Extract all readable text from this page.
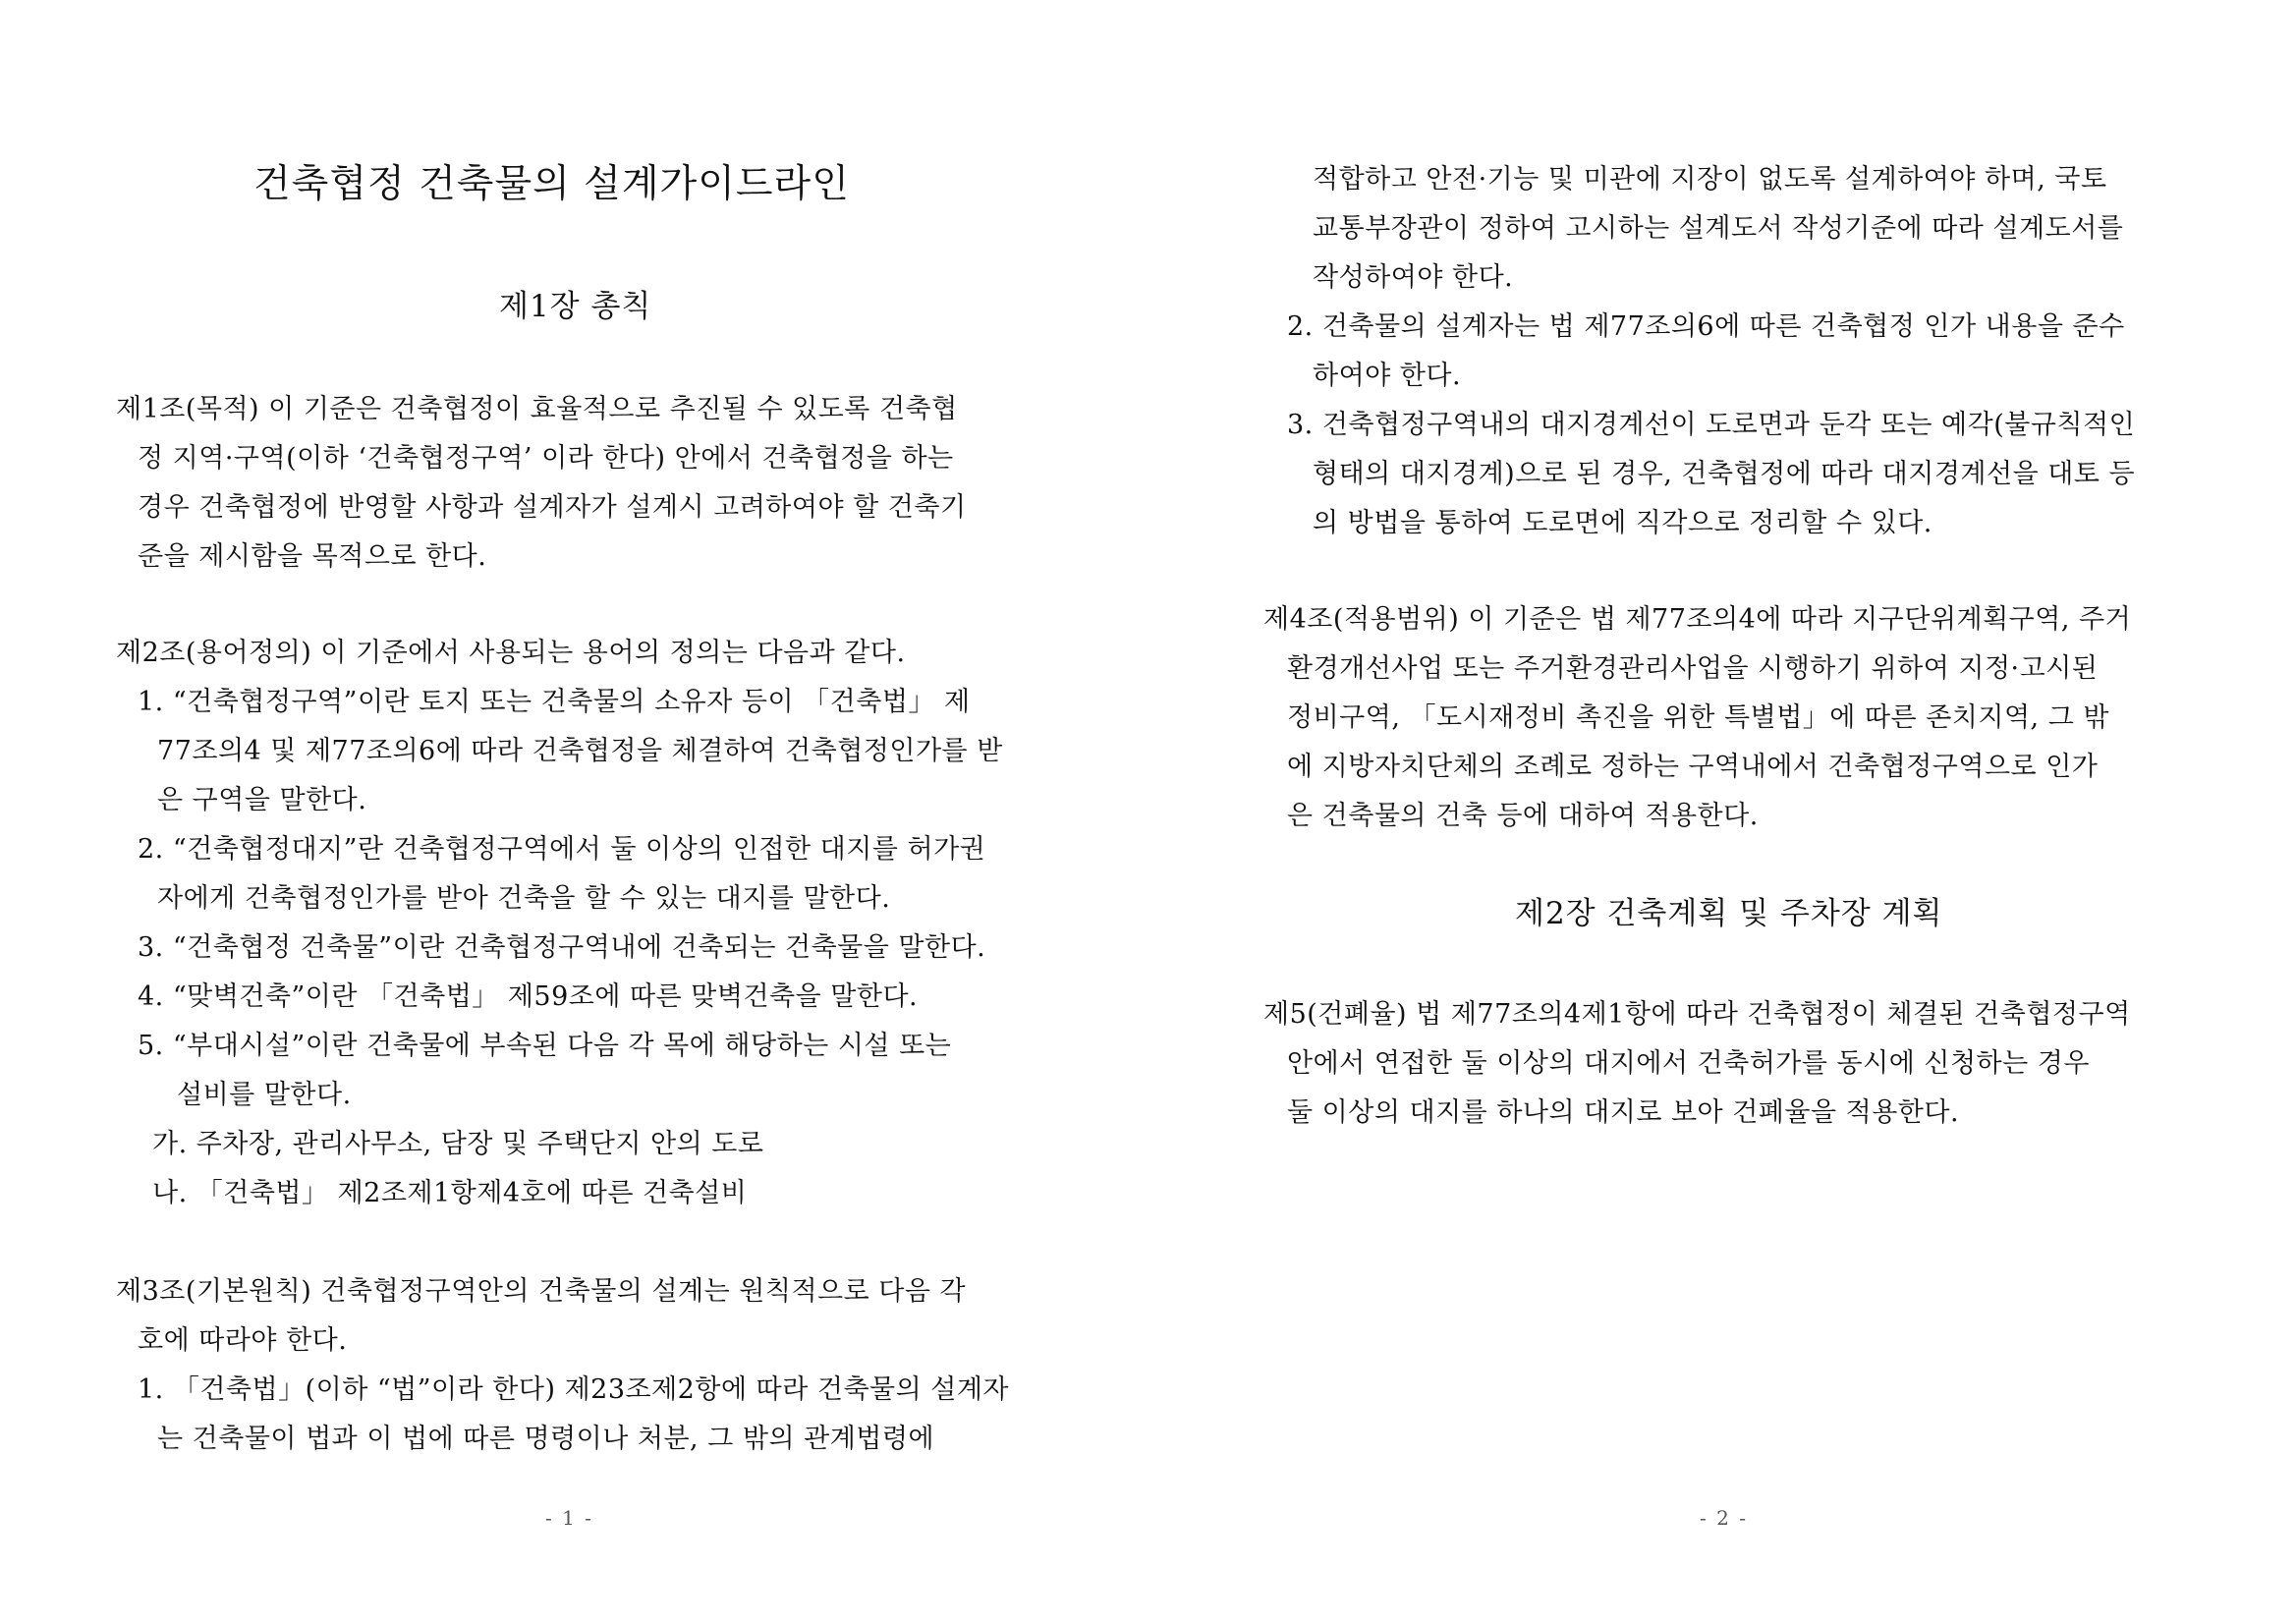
건축협정 건축물의 설계가이드라인
제1장 총칙
제1조(목적) 이 기준은 건축협정이 효율적으로 추진될 수 있도록 건축협
정 지역·구역(이하 ‘건축협정구역’ 이라 한다) 안에서 건축협정을 하는
경우 건축협정에 반영할 사항과 설계자가 설계시 고려하여야 할 건축기
준을 제시함을 목적으로 한다.
제2조(용어정의) 이 기준에서 사용되는 용어의 정의는 다음과 같다.
1. “건축협정구역”이란 토지 또는 건축물의 소유자 등이 「건축법」 제
77조의4 및 제77조의6에 따라 건축협정을 체결하여 건축협정인가를 받
은 구역을 말한다.
2. “건축협정대지”란 건축협정구역에서 둘 이상의 인접한 대지를 허가권
자에게 건축협정인가를 받아 건축을 할 수 있는 대지를 말한다.
3. “건축협정 건축물”이란 건축협정구역내에 건축되는 건축물을 말한다.
4. “맞벽건축”이란 「건축법」 제59조에 따른 맞벽건축을 말한다.
5. “부대시설”이란 건축물에 부속된 다음 각 목에 해당하는 시설 또는
설비를 말한다.
가. 주차장, 관리사무소, 담장 및 주택단지 안의 도로
나. 「건축법」 제2조제1항제4호에 따른 건축설비
제3조(기본원칙) 건축협정구역안의 건축물의 설계는 원칙적으로 다음 각
호에 따라야 한다.
1. 「건축법」(이하 “법”이라 한다) 제23조제2항에 따라 건축물의 설계자
는 건축물이 법과 이 법에 따른 명령이나 처분, 그 밖의 관계법령에
- 1 -
적합하고 안전·기능 및 미관에 지장이 없도록 설계하여야 하며, 국토
교통부장관이 정하여 고시하는 설계도서 작성기준에 따라 설계도서를
작성하여야 한다.
2. 건축물의 설계자는 법 제77조의6에 따른 건축협정 인가 내용을 준수
하여야 한다.
3. 건축협정구역내의 대지경계선이 도로면과 둔각 또는 예각(불규칙적인
형태의 대지경계)으로 된 경우, 건축협정에 따라 대지경계선을 대토 등
의 방법을 통하여 도로면에 직각으로 정리할 수 있다.
제4조(적용범위) 이 기준은 법 제77조의4에 따라 지구단위계획구역, 주거
환경개선사업 또는 주거환경관리사업을 시행하기 위하여 지정·고시된
정비구역, 「도시재정비 촉진을 위한 특별법」에 따른 존치지역, 그 밖
에 지방자치단체의 조례로 정하는 구역내에서 건축협정구역으로 인가
은 건축물의 건축 등에 대하여 적용한다.
제2장 건축계획 및 주차장 계획
제5(건폐율) 법 제77조의4제1항에 따라 건축협정이 체결된 건축협정구역
안에서 연접한 둘 이상의 대지에서 건축허가를 동시에 신청하는 경우
둘 이상의 대지를 하나의 대지로 보아 건폐율을 적용한다.
- 2 -
